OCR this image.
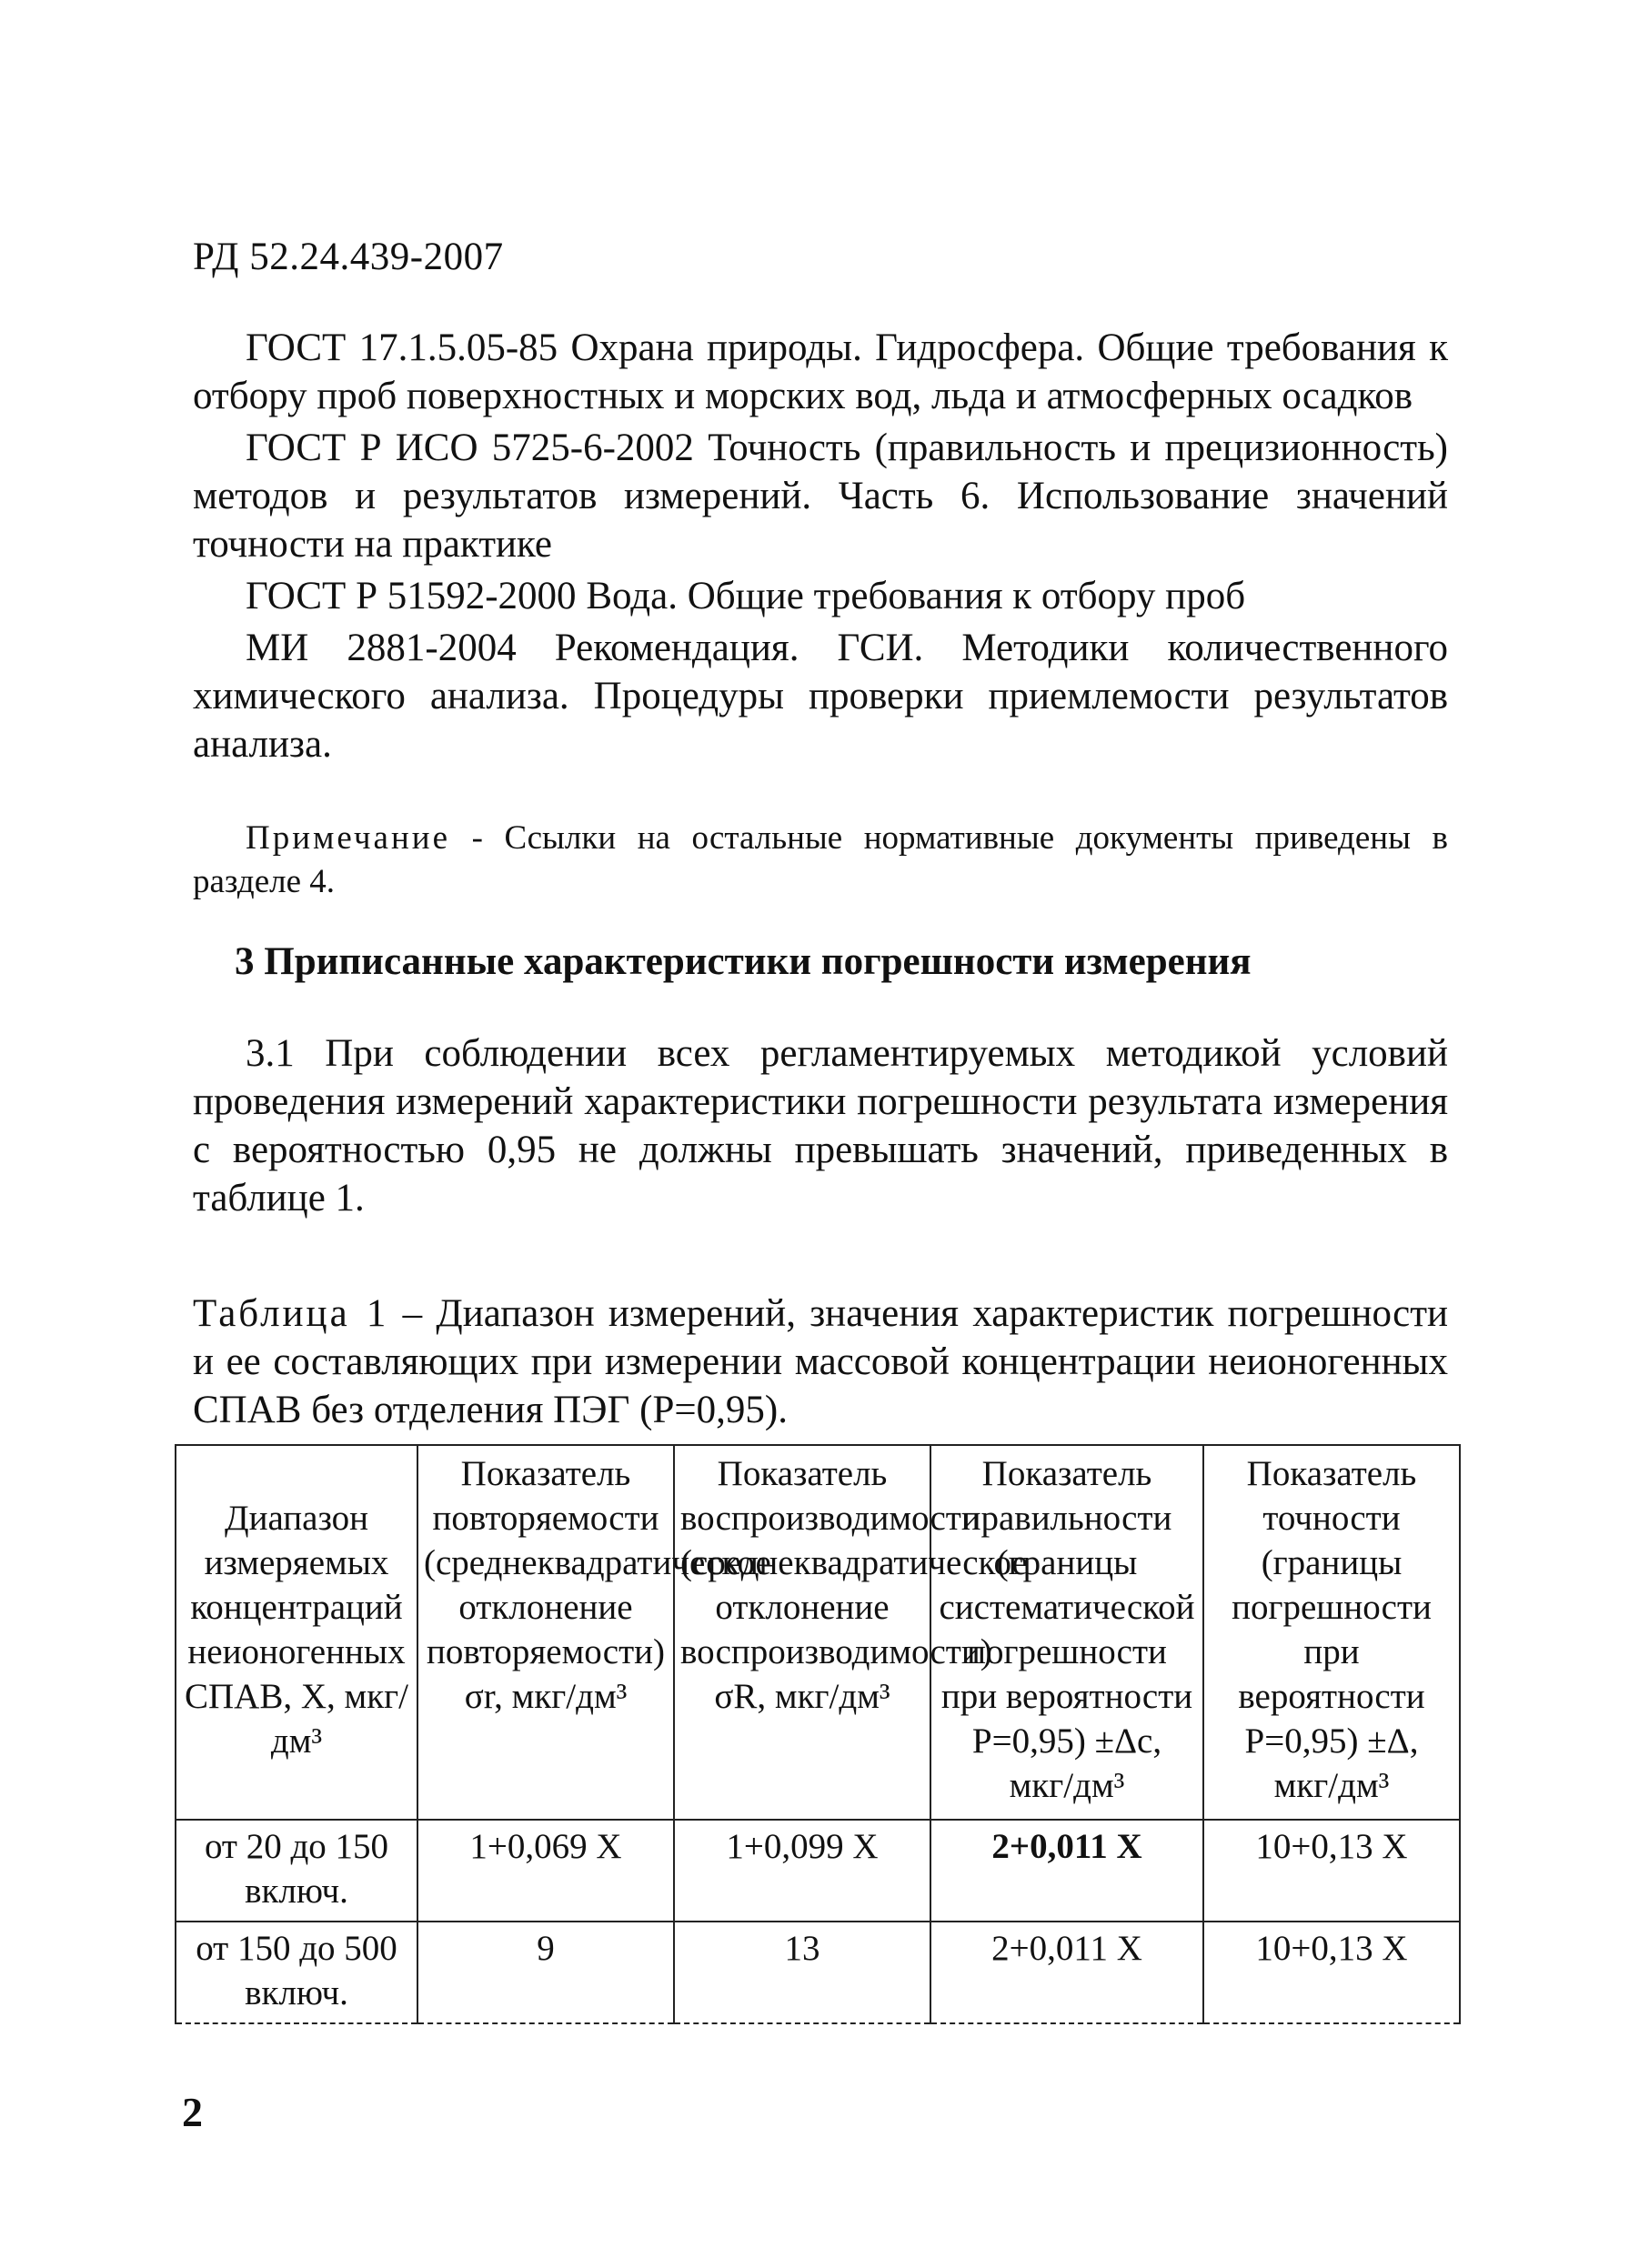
РД 52.24.439-2007

ГОСТ 17.1.5.05-85 Охрана природы. Гидросфера. Общие требования к отбору проб поверхностных и морских вод, льда и атмосферных осадков

ГОСТ Р ИСО 5725-6-2002 Точность (правильность и прецизионность) методов и результатов измерений. Часть 6. Использование значений точности на практике

ГОСТ Р 51592-2000 Вода. Общие требования к отбору проб

МИ 2881-2004 Рекомендация. ГСИ. Методики количественного химического анализа. Процедуры проверки приемлемости результатов анализа.

Примечание - Ссылки на остальные нормативные документы приведены в разделе 4.
3 Приписанные характеристики погрешности измерения
3.1 При соблюдении всех регламентируемых методикой условий проведения измерений характеристики погрешности результата измерения с вероятностью 0,95 не должны превышать значений, приведенных в таблице 1.
Таблица 1 – Диапазон измерений, значения характеристик погрешности и ее составляющих при измерении массовой концентрации неионогенных СПАВ без отделения ПЭГ (Р=0,95).
Диапазон измеряемых концентраций неионогенных СПАВ, Х, мкг/дм³	Показатель повторяемости (среднеквадратическое отклонение повторяемости) σr, мкг/дм³	Показатель воспроизводимости (среднеквадратическое отклонение воспроизводимости) σR, мкг/дм³	Показатель правильности (границы систематической погрешности при вероятности Р=0,95) ±Δс, мкг/дм³	Показатель точности (границы погрешности при вероятности Р=0,95) ±Δ, мкг/дм³
от 20 до 150 включ.	1+0,069 Х	1+0,099 Х	2+0,011 Х	10+0,13 Х
от 150 до 500 включ.	9	13	2+0,011 Х	10+0,13 Х
2
